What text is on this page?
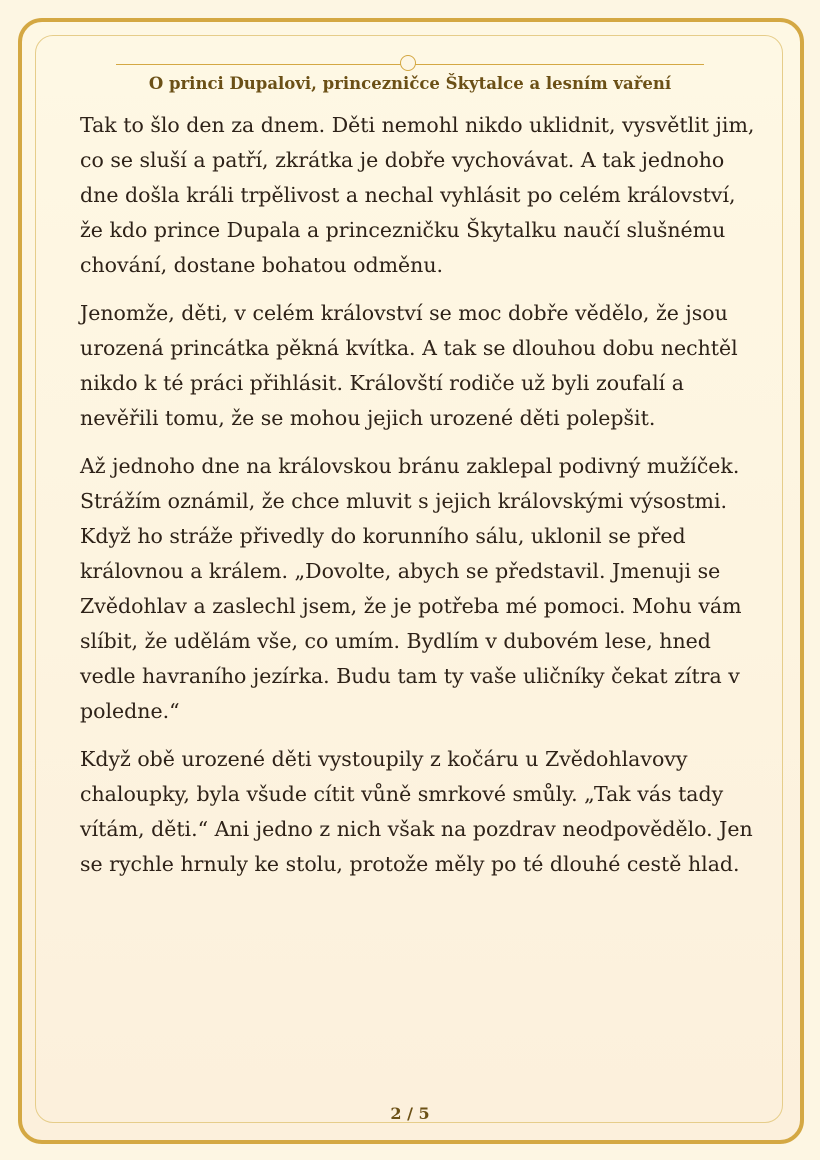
O princi Dupalovi, princezničce Škytalce a lesním vaření

Tak to šlo den za dnem. Děti nemohl nikdo uklidnit, vysvětlit jim, co se sluší a patří, zkrátka je dobře vychovávat. A tak jednoho dne došla králi trpělivost a nechal vyhlásit po celém království, že kdo prince Dupala a princezničku Škytalku naučí slušnému chování, dostane bohatou odměnu.

Jenomže, děti, v celém království se moc dobře vědělo, že jsou urozená princátka pěkná kvítka. A tak se dlouhou dobu nechtěl nikdo k té práci přihlásit. Královští rodiče už byli zoufalí a nevěřili tomu, že se mohou jejich urozené děti polepšit.

Až jednoho dne na královskou bránu zaklepal podivný mužíček. Strážím oznámil, že chce mluvit s jejich královskými výsostmi. Když ho stráže přivedly do korunního sálu, uklonil se před královnou a králem. „Dovolte, abych se představil. Jmenuji se Zvědohlav a zaslechl jsem, že je potřeba mé pomoci. Mohu vám slíbit, že udělám vše, co umím. Bydlím v dubovém lese, hned vedle havraního jezírka. Budu tam ty vaše uličníky čekat zítra v poledne.“

Když obě urozené děti vystoupily z kočáru u Zvědohlavovy chaloupky, byla všude cítit vůně smrkové smůly. „Tak vás tady vítám, děti.“ Ani jedno z nich však na pozdrav neodpovědělo. Jen se rychle hrnuly ke stolu, protože měly po té dlouhé cestě hlad.

2 / 5
